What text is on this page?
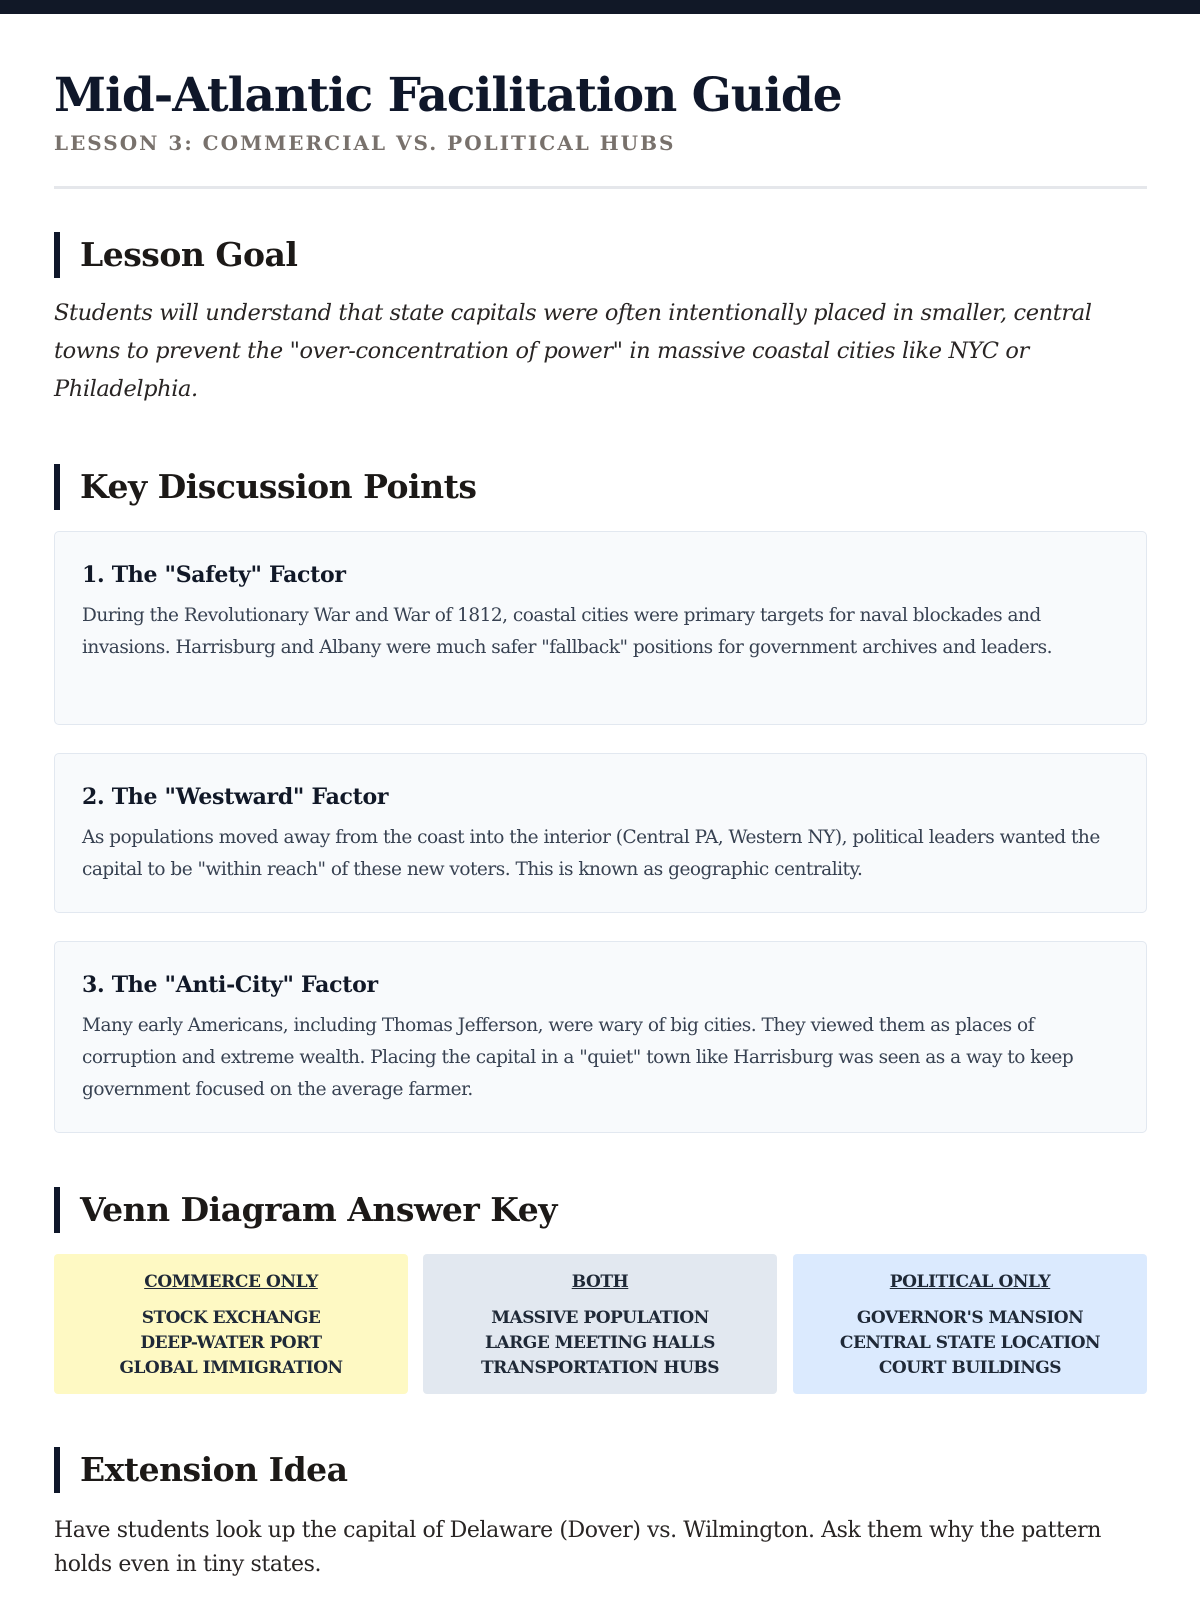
Mid-Atlantic Facilitation Guide
LESSON 3: COMMERCIAL VS. POLITICAL HUBS
Lesson Goal

Students will understand that state capitals were often intentionally placed in smaller, central towns to prevent the "over-concentration of power" in massive coastal cities like NYC or Philadelphia.

Key Discussion Points
1. The "Safety" Factor
During the Revolutionary War and War of 1812, coastal cities were primary targets for naval blockades and invasions. Harrisburg and Albany were much safer "fallback" positions for government archives and leaders.
2. The "Westward" Factor
As populations moved away from the coast into the interior (Central PA, Western NY), political leaders wanted the capital to be "within reach" of these new voters. This is known as geographic centrality.
3. The "Anti-City" Factor
Many early Americans, including Thomas Jefferson, were wary of big cities. They viewed them as places of corruption and extreme wealth. Placing the capital in a "quiet" town like Harrisburg was seen as a way to keep government focused on the average farmer.
Venn Diagram Answer Key
COMMERCE ONLY
STOCK EXCHANGE
DEEP-WATER PORT
GLOBAL IMMIGRATION
BOTH
MASSIVE POPULATION
LARGE MEETING HALLS
TRANSPORTATION HUBS
POLITICAL ONLY
GOVERNOR'S MANSION
CENTRAL STATE LOCATION
COURT BUILDINGS
Extension Idea

Have students look up the capital of Delaware (Dover) vs. Wilmington. Ask them why the pattern holds even in tiny states.
